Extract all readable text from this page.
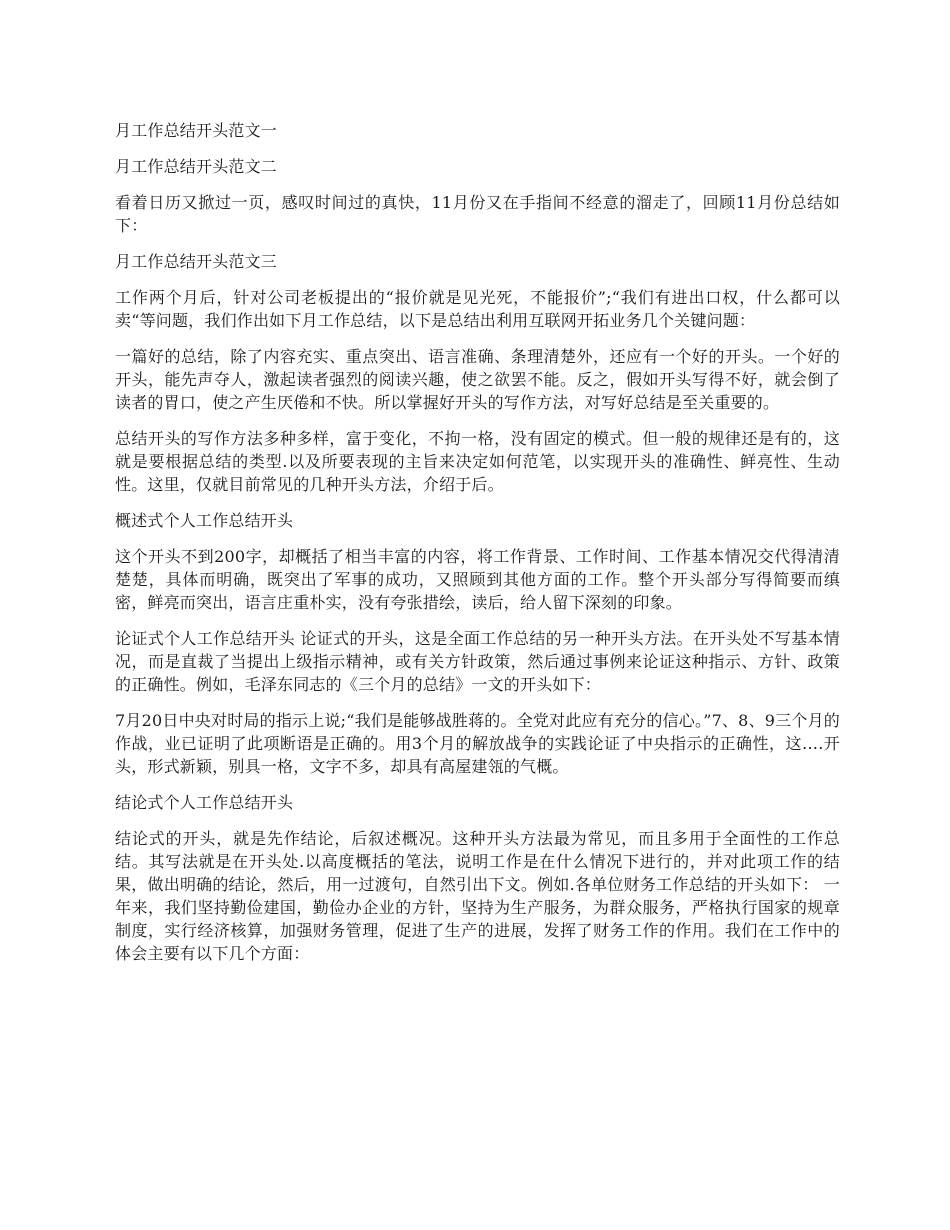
月工作总结开头范文一

月工作总结开头范文二

看着日历又掀过一页，感叹时间过的真快，11月份又在手指间不经意的溜走了，回顾11月份总结如下：

月工作总结开头范文三

工作两个月后，针对公司老板提出的“报价就是见光死，不能报价”;“我们有进出口权，什么都可以卖“等问题，我们作出如下月工作总结，以下是总结出利用互联网开拓业务几个关键问题：

一篇好的总结，除了内容充实、重点突出、语言准确、条理清楚外，还应有一个好的开头。一个好的开头，能先声夺人，激起读者强烈的阅读兴趣，使之欲罢不能。反之，假如开头写得不好，就会倒了读者的胃口，使之产生厌倦和不快。所以掌握好开头的写作方法，对写好总结是至关重要的。

总结开头的写作方法多种多样，富于变化，不拘一格，没有固定的模式。但一般的规律还是有的，这就是要根据总结的类型.以及所要表现的主旨来决定如何范笔，以实现开头的准确性、鲜亮性、生动性。这里，仅就目前常见的几种开头方法，介绍于后。

概述式个人工作总结开头

这个开头不到200字，却概括了相当丰富的内容，将工作背景、工作时间、工作基本情况交代得清清楚楚，具体而明确，既突出了军事的成功，又照顾到其他方面的工作。整个开头部分写得简要而缜密，鲜亮而突出，语言庄重朴实，没有夸张措绘，读后，给人留下深刻的印象。

论证式个人工作总结开头 论证式的开头，这是全面工作总结的另一种开头方法。在开头处不写基本情况，而是直裁了当提出上级指示精神，或有关方针政策，然后通过事例来论证这种指示、方针、政策的正确性。例如，毛泽东同志的《三个月的总结》一文的开头如下：

7月20日中央对时局的指示上说;“我们是能够战胜蒋的。全党对此应有充分的信心。”7、8、9三个月的作战，业已证明了此项断语是正确的。用3个月的解放战争的实践论证了中央指示的正确性，这….开头，形式新颖，别具一格，文字不多，却具有高屋建瓴的气概。

结论式个人工作总结开头

结论式的开头，就是先作结论，后叙述概况。这种开头方法最为常见，而且多用于全面性的工作总结。其写法就是在开头处.以高度概括的笔法，说明工作是在什么情况下进行的，并对此项工作的结果，做出明确的结论，然后，用一过渡句，自然引出下文。例如.各单位财务工作总结的开头如下： 一年来，我们坚持勤俭建国，勤俭办企业的方针，坚持为生产服务，为群众服务，严格执行国家的规章制度，实行经济核算，加强财务管理，促进了生产的进展，发挥了财务工作的作用。我们在工作中的体会主要有以下几个方面：
